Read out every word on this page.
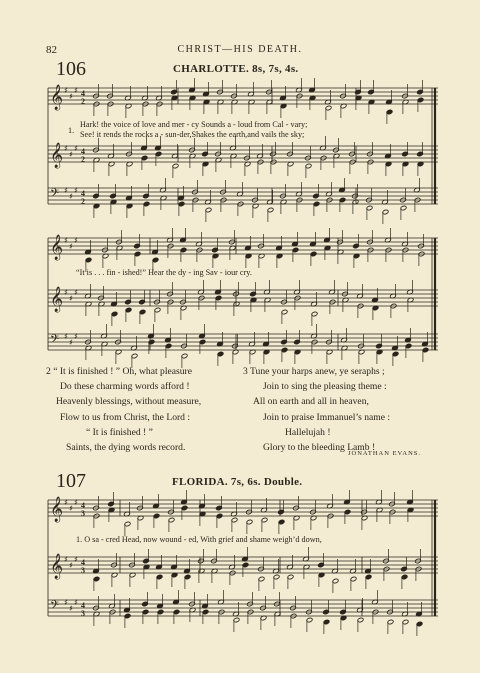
82	CHRIST—HIS DEATH.
106	CHARLOTTE. 8s, 7s, 4s.
𝄞 ♯
♯
♯ 4
2
𝄞 ♯
♯
♯ 4
2
𝄢 ♯
♯
♯ 4
2
𝄞 ♯
♯
♯
𝄞 ♯
♯
♯
𝄢 ♯
♯
♯
𝄞 ♯
♯
♯ 4
3
𝄞 ♯
♯
♯ 4
3
𝄢 ♯
♯
♯ 4
3
1.
Hark! the voice of love and mer - cy Sounds a - loud from Cal - vary;
See! it rends the rocks a - sun-der,Shakes the earth,and vails the sky;
“It is . . . fin - ished!” Hear the dy - ing Sav - iour cry.
2 “ It is finished ! ” Oh, what pleasure
Do these charming words afford !
Heavenly blessings, without measure,
Flow to us from Christ, the Lord :
“ It is finished ! ”
Saints, the dying words record.
3 Tune your harps anew, ye seraphs ;
Join to sing the pleasing theme :
All on earth and all in heaven,
Join to praise Immanuel’s name :
Hallelujah !
Glory to the bleeding Lamb !
JONATHAN EVANS.
107	FLORIDA. 7s, 6s. Double.
1. O sa - cred Head, now wound - ed, With grief and shame weigh’d down,
